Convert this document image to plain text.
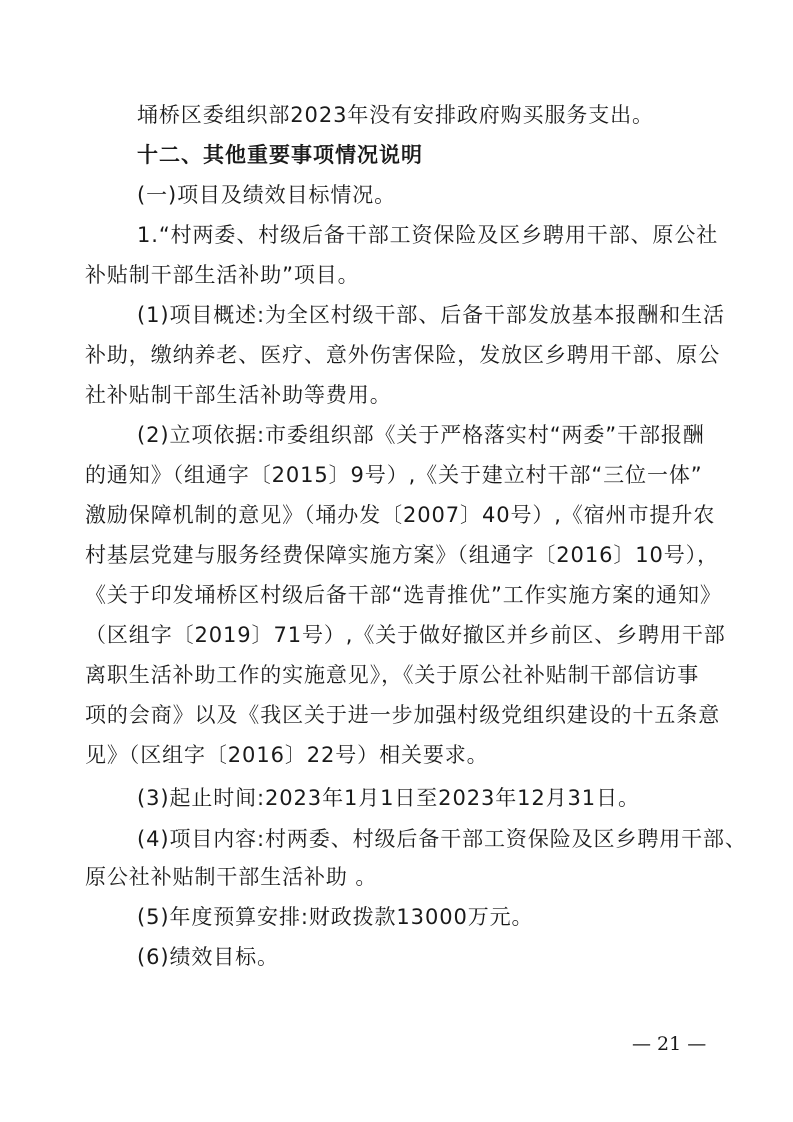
埇桥区委组织部2023年没有安排政府购买服务支出。
十二、其他重要事项情况说明
(一)项目及绩效目标情况。
1.“村两委、村级后备干部工资保险及区乡聘用干部、原公社
补贴制干部生活补助”项目。
(1)项目概述:为全区村级干部、后备干部发放基本报酬和生活
补助，缴纳养老、医疗、意外伤害保险，发放区乡聘用干部、原公
社补贴制干部生活补助等费用。
(2)立项依据:市委组织部《关于严格落实村“两委”干部报酬
的通知》（组通字〔2015〕9号）,《关于建立村干部“三位一体”
激励保障机制的意见》（埇办发〔2007〕40号）,《宿州市提升农
村基层党建与服务经费保障实施方案》（组通字〔2016〕10号），
《关于印发埇桥区村级后备干部“选青推优”工作实施方案的通知》
（区组字〔2019〕71号）,《关于做好撤区并乡前区、乡聘用干部
离职生活补助工作的实施意见》，《关于原公社补贴制干部信访事
项的会商》以及《我区关于进一步加强村级党组织建设的十五条意
见》（区组字〔2016〕22号）相关要求。
(3)起止时间:2023年1月1日至2023年12月31日。
(4)项目内容:村两委、村级后备干部工资保险及区乡聘用干部、
原公社补贴制干部生活补助 。
(5)年度预算安排:财政拨款13000万元。
(6)绩效目标。
— 21 —
